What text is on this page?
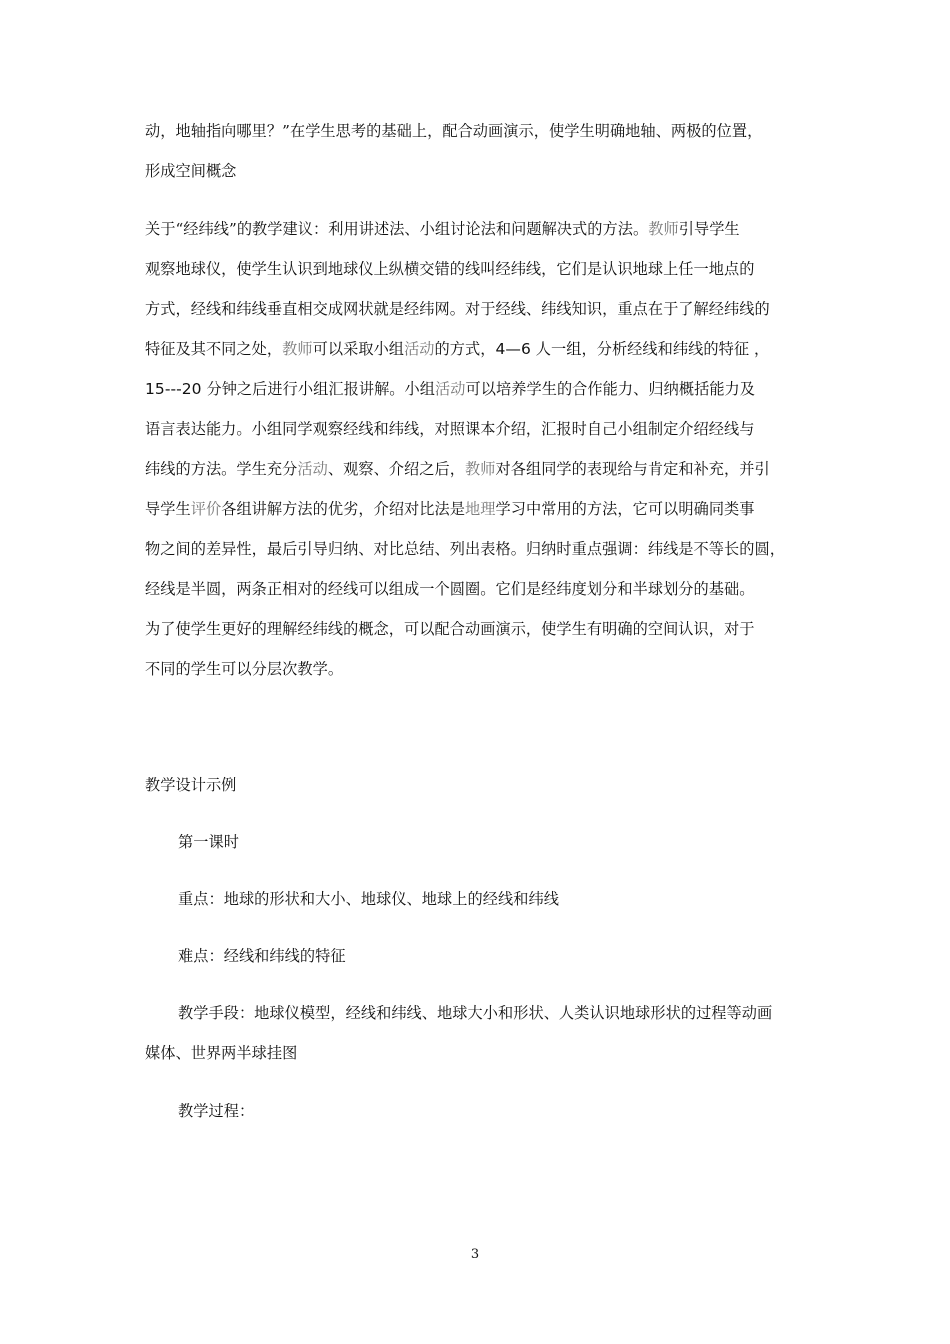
动，地轴指向哪里？”在学生思考的基础上，配合动画演示，使学生明确地轴、两极的位置，
形成空间概念
关于“经纬线”的教学建议：利用讲述法、小组讨论法和问题解决式的方法。教师引导学生
观察地球仪，使学生认识到地球仪上纵横交错的线叫经纬线，它们是认识地球上任一地点的
方式，经线和纬线垂直相交成网状就是经纬网。对于经线、纬线知识，重点在于了解经纬线的
特征及其不同之处，教师可以采取小组活动的方式，4—6 人一组，分析经线和纬线的特征 ，
15---20 分钟之后进行小组汇报讲解。小组活动可以培养学生的合作能力、归纳概括能力及
语言表达能力。小组同学观察经线和纬线，对照课本介绍，汇报时自己小组制定介绍经线与
纬线的方法。学生充分活动、观察、介绍之后，教师对各组同学的表现给与肯定和补充，并引
导学生评价各组讲解方法的优劣，介绍对比法是地理学习中常用的方法，它可以明确同类事
物之间的差异性，最后引导归纳、对比总结、列出表格。归纳时重点强调：纬线是不等长的圆，
经线是半圆，两条正相对的经线可以组成一个圆圈。它们是经纬度划分和半球划分的基础。
为了使学生更好的理解经纬线的概念，可以配合动画演示，使学生有明确的空间认识，对于
不同的学生可以分层次教学。
教学设计示例
第一课时
重点：地球的形状和大小、地球仪、地球上的经线和纬线
难点：经线和纬线的特征
教学手段：地球仪模型，经线和纬线、地球大小和形状、人类认识地球形状的过程等动画
媒体、世界两半球挂图
教学过程：
3
